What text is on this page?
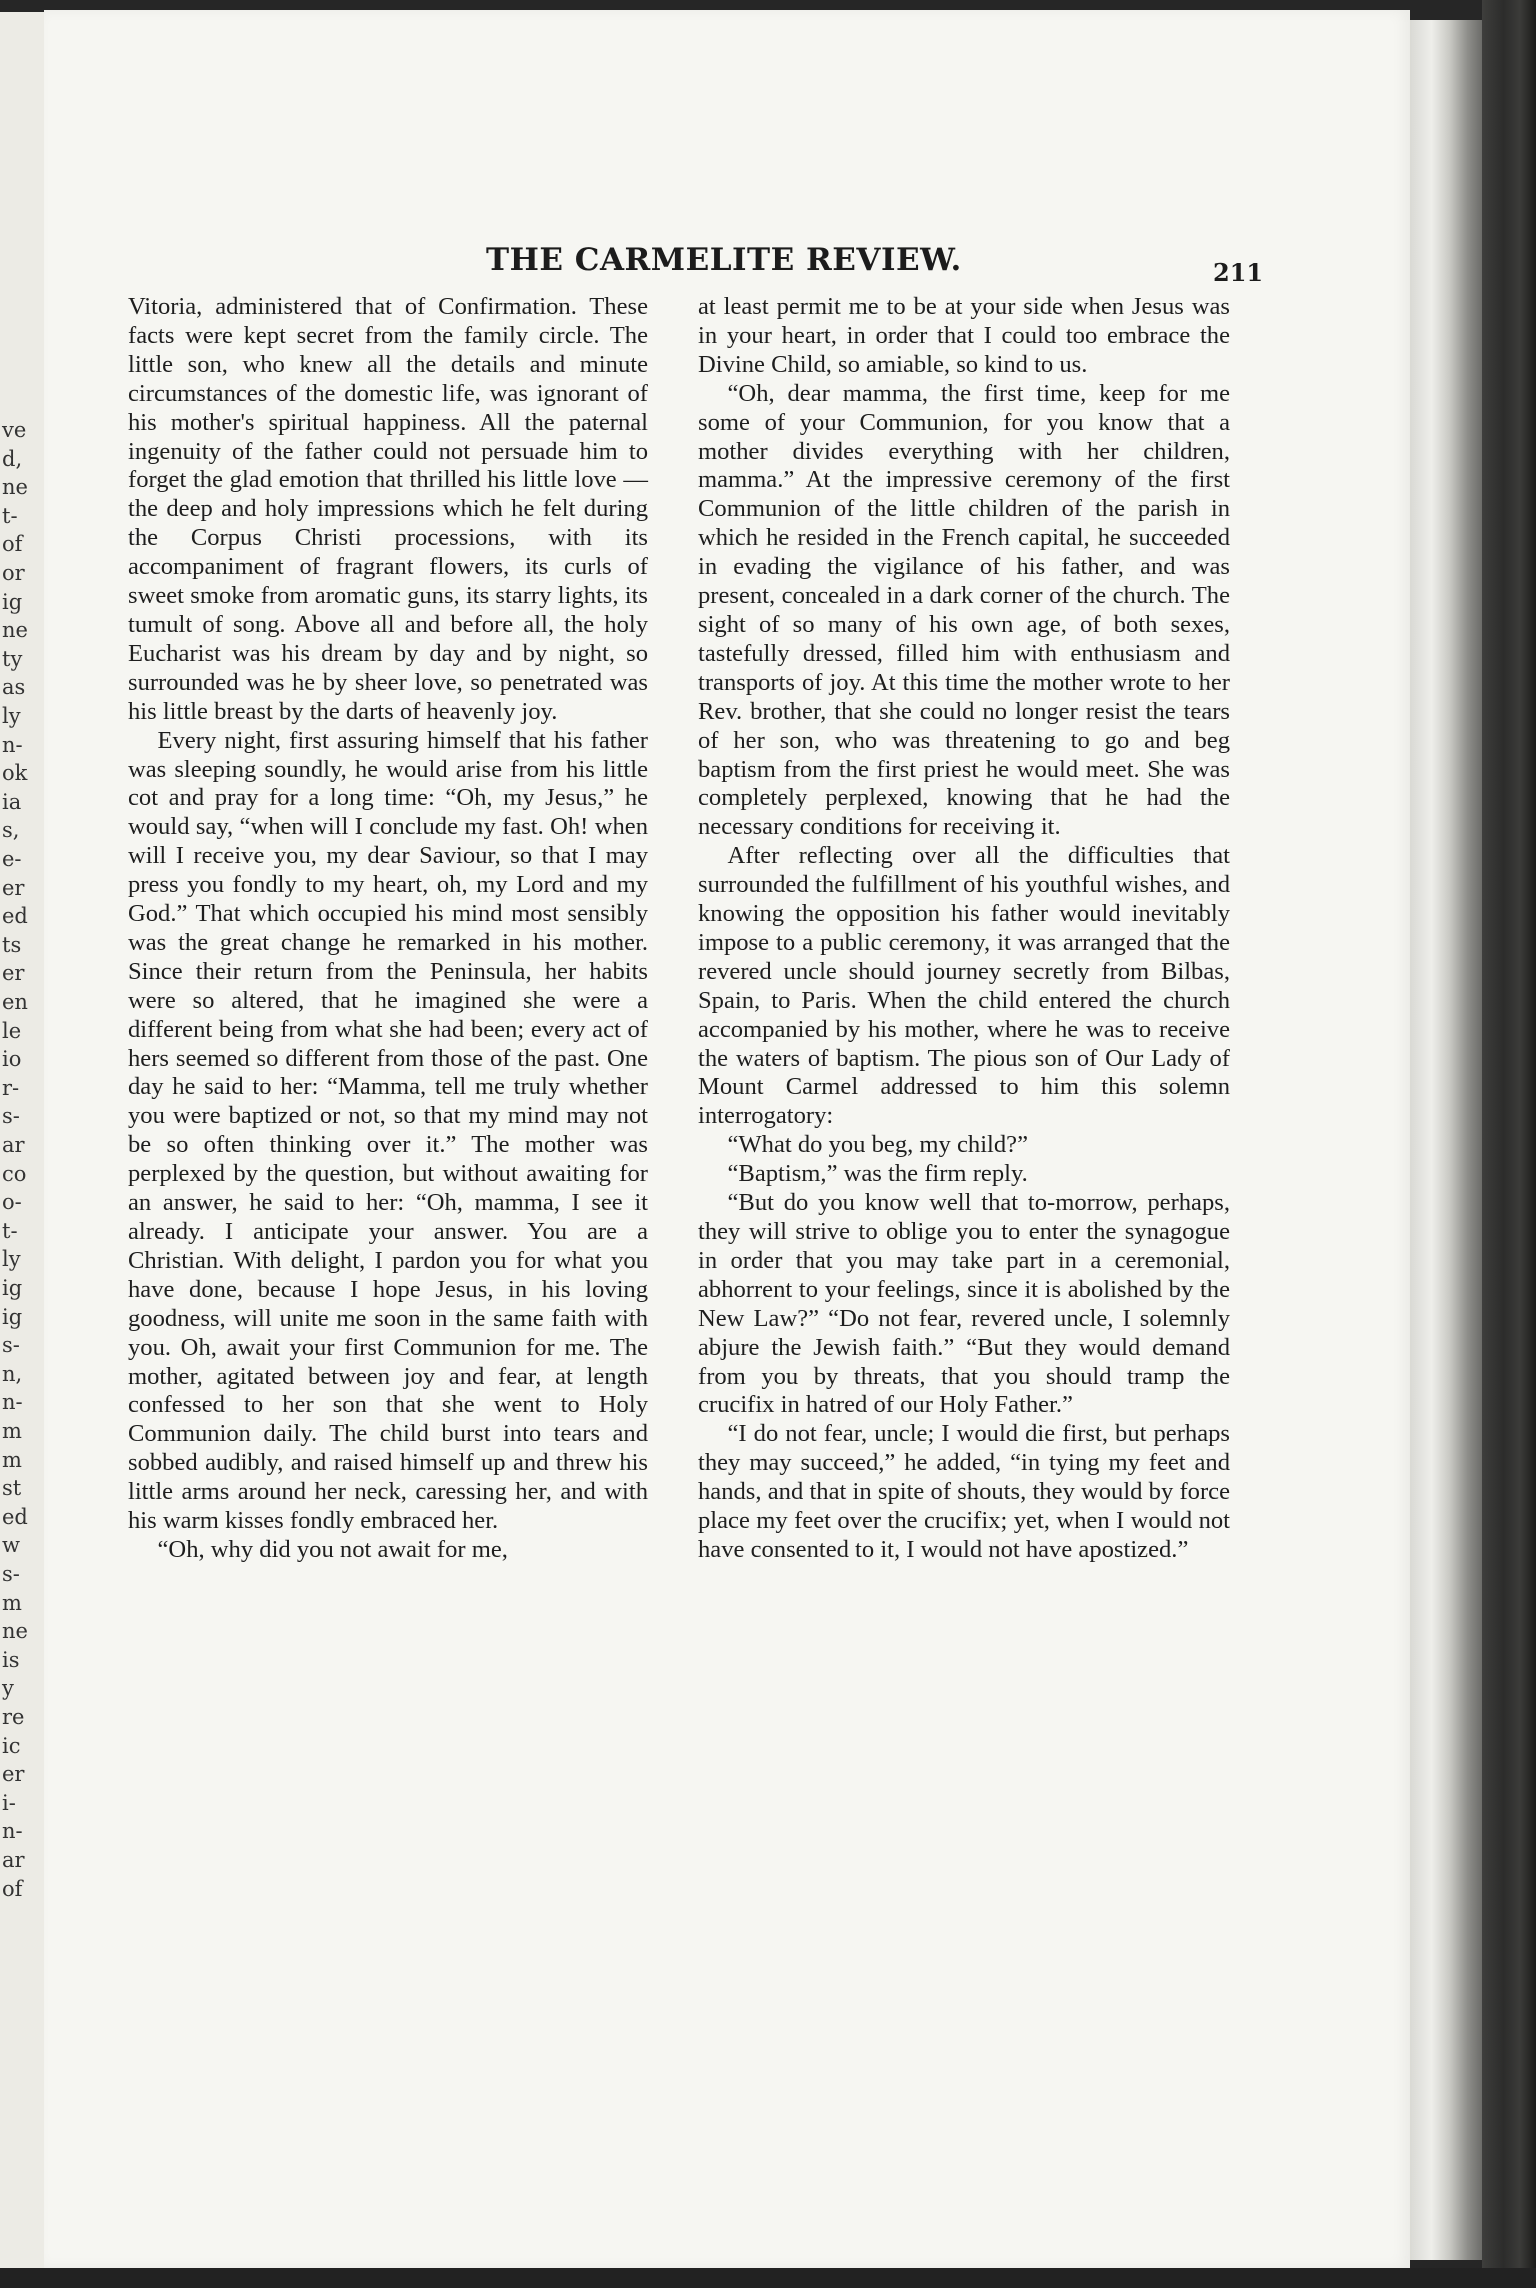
ve
d,
ne
t-
of
or
ig
ne
ty
as
ly
n-
ok
ia
s,
e-
er
ed
ts
er
en
le
io
r-
s-
ar
co
o-
t-
ly
ig
ig
s-
n,
n-
m
m
st
ed
w
s-
m
ne
is
y
re
ic
er
i-
n-
ar
of
THE CARMELITE REVIEW.	211

Vitoria, administered that of Confirmation. These facts were kept secret from the family circle. The little son, who knew all the details and minute circumstances of the domestic life, was ignorant of his mother's spiritual happiness. All the paternal ingenuity of the father could not persuade him to forget the glad emotion that thrilled his little love —the deep and holy impressions which he felt during the Corpus Christi processions, with its accompaniment of fragrant flowers, its curls of sweet smoke from aromatic guns, its starry lights, its tumult of song. Above all and before all, the holy Eucharist was his dream by day and by night, so surrounded was he by sheer love, so penetrated was his little breast by the darts of heavenly joy.

Every night, first assuring himself that his father was sleeping soundly, he would arise from his little cot and pray for a long time: “Oh, my Jesus,” he would say, “when will I conclude my fast. Oh! when will I receive you, my dear Saviour, so that I may press you fondly to my heart, oh, my Lord and my God.” That which occupied his mind most sensibly was the great change he remarked in his mother. Since their return from the Peninsula, her habits were so altered, that he imagined she were a different being from what she had been; every act of hers seemed so different from those of the past. One day he said to her: “Mamma, tell me truly whether you were baptized or not, so that my mind may not be so often thinking over it.” The mother was perplexed by the question, but without awaiting for an answer, he said to her: “Oh, mamma, I see it already. I anticipate your answer. You are a Christian. With delight, I pardon you for what you have done, because I hope Jesus, in his loving goodness, will unite me soon in the same faith with you. Oh, await your first Communion for me. The mother, agitated between joy and fear, at length confessed to her son that she went to Holy Communion daily. The child burst into tears and sobbed audibly, and raised himself up and threw his little arms around her neck, caressing her, and with his warm kisses fondly embraced her.

“Oh, why did you not await for me,

at least permit me to be at your side when Jesus was in your heart, in order that I could too embrace the Divine Child, so amiable, so kind to us.

“Oh, dear mamma, the first time, keep for me some of your Communion, for you know that a mother divides everything with her children, mamma.” At the impressive ceremony of the first Communion of the little children of the parish in which he resided in the French capital, he succeeded in evading the vigilance of his father, and was present, concealed in a dark corner of the church. The sight of so many of his own age, of both sexes, tastefully dressed, filled him with enthusiasm and transports of joy. At this time the mother wrote to her Rev. brother, that she could no longer resist the tears of her son, who was threatening to go and beg baptism from the first priest he would meet. She was completely perplexed, knowing that he had the necessary conditions for receiving it.

After reflecting over all the difficulties that surrounded the fulfillment of his youthful wishes, and knowing the opposition his father would inevitably impose to a public ceremony, it was arranged that the revered uncle should journey secretly from Bilbas, Spain, to Paris. When the child entered the church accompanied by his mother, where he was to receive the waters of baptism. The pious son of Our Lady of Mount Carmel addressed to him this solemn interrogatory:

“What do you beg, my child?”

“Baptism,” was the firm reply.

“But do you know well that to-morrow, perhaps, they will strive to oblige you to enter the synagogue in order that you may take part in a ceremonial, abhorrent to your feelings, since it is abolished by the New Law?” “Do not fear, revered uncle, I solemnly abjure the Jewish faith.” “But they would demand from you by threats, that you should tramp the crucifix in hatred of our Holy Father.”

“I do not fear, uncle; I would die first, but perhaps they may succeed,” he added, “in tying my feet and hands, and that in spite of shouts, they would by force place my feet over the crucifix; yet, when I would not have consented to it, I would not have apostized.”
